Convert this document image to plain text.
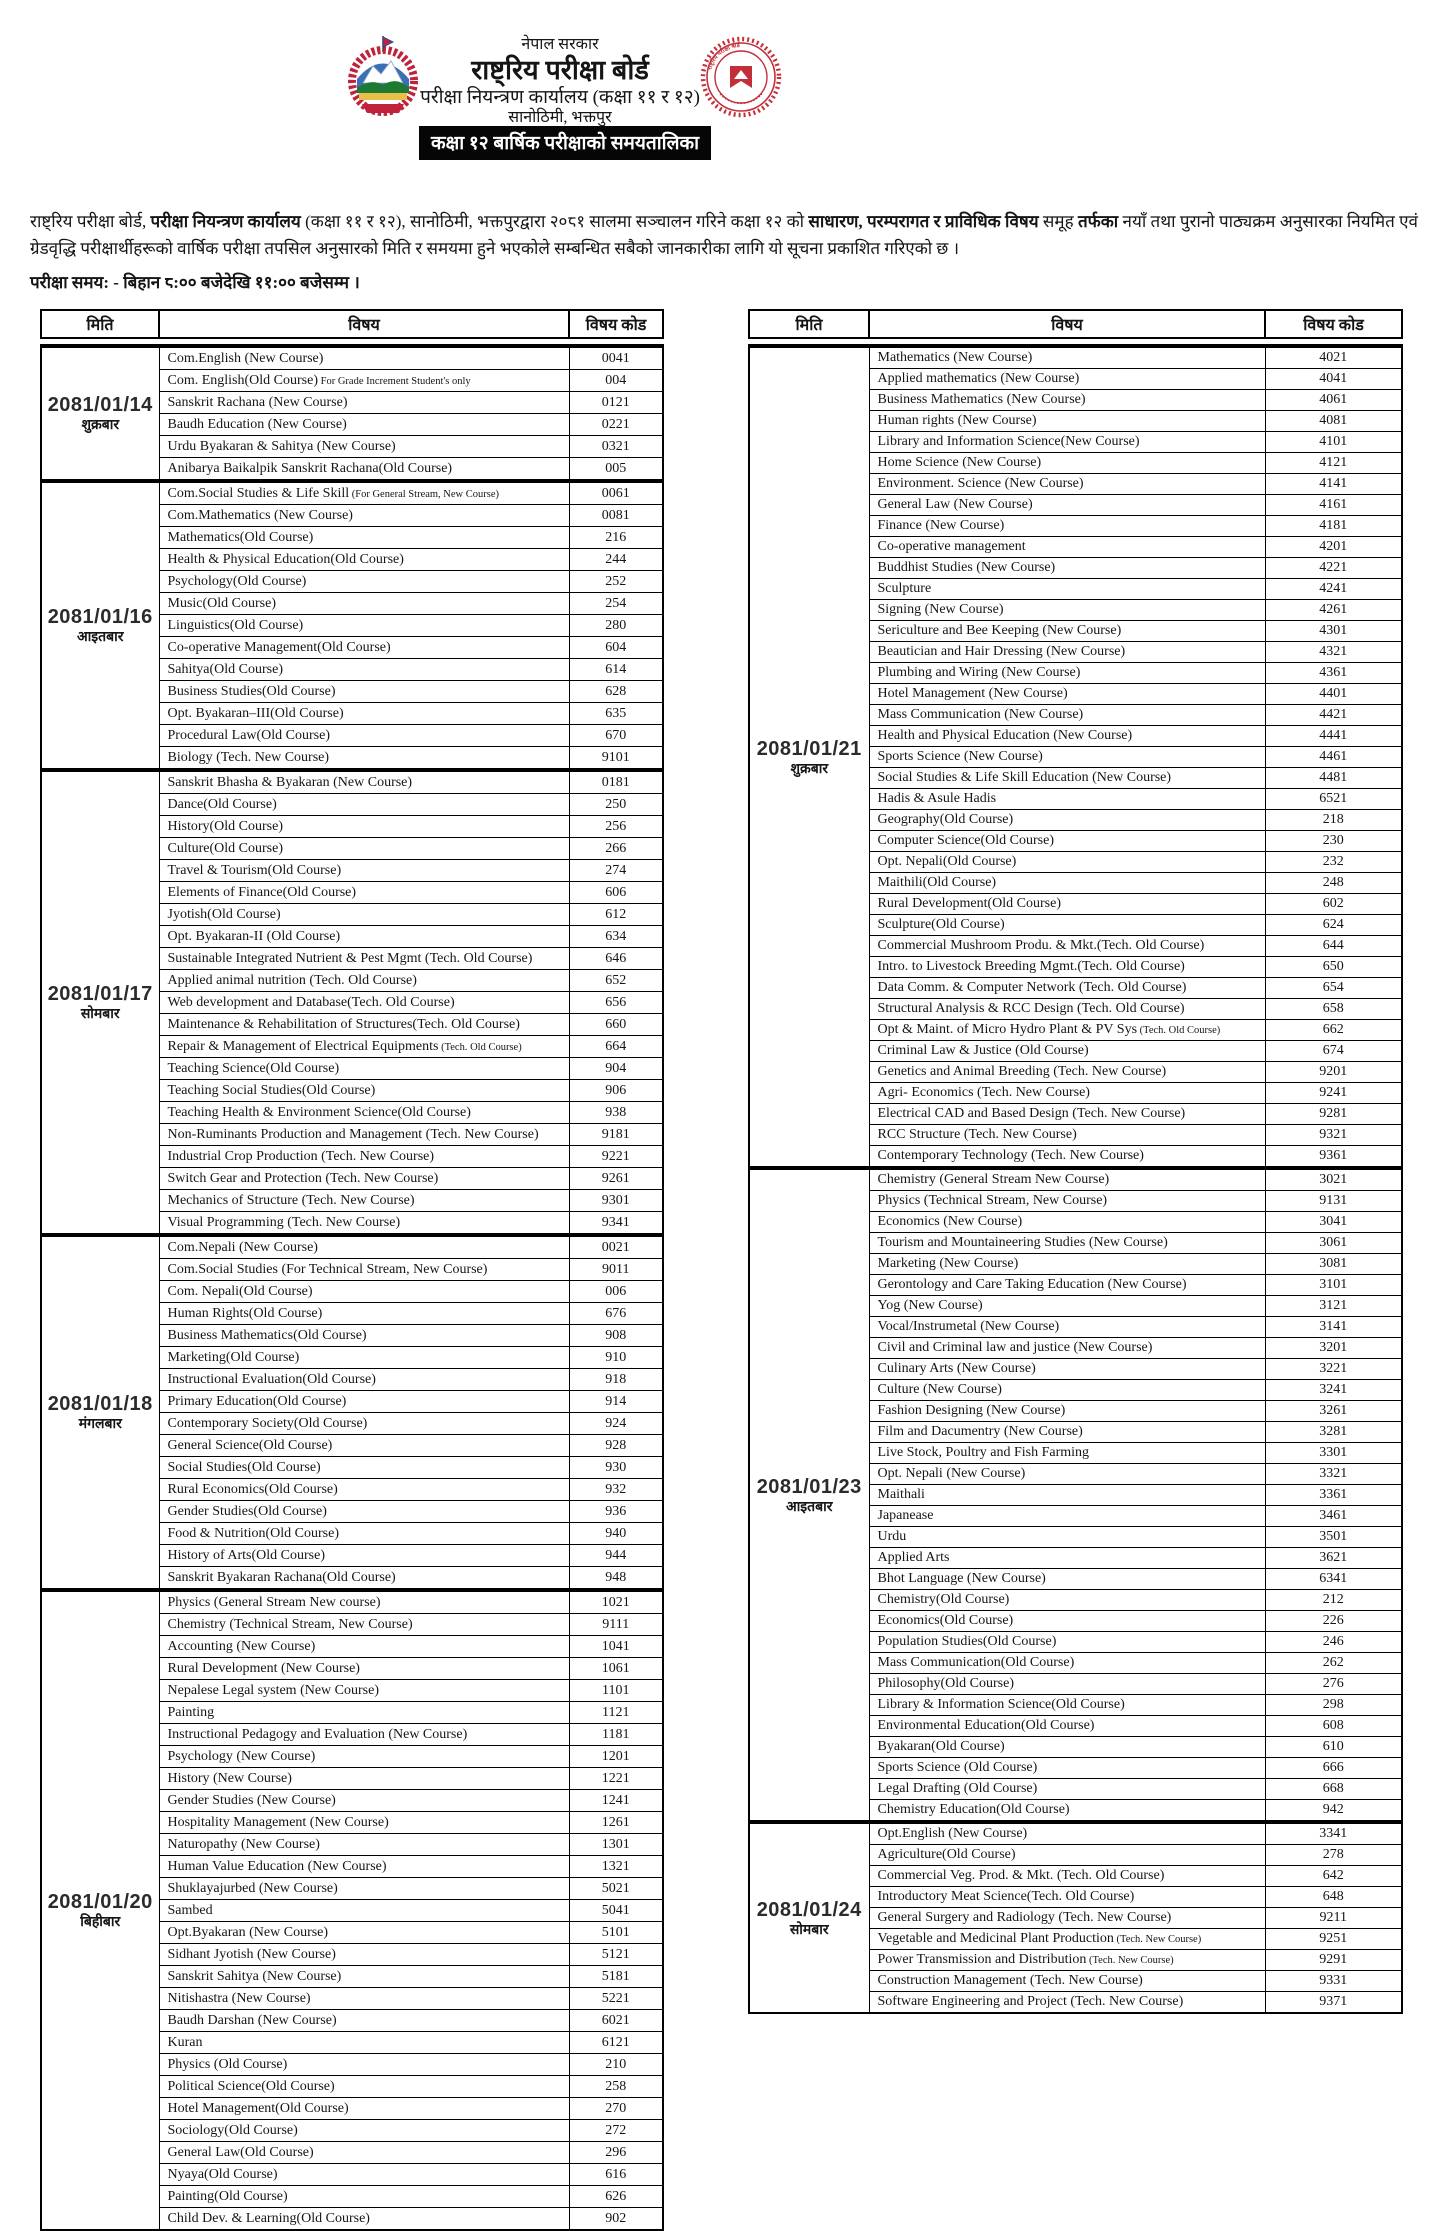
नेपाल सरकार
राष्ट्रिय परीक्षा बोर्ड
परीक्षा नियन्त्रण कार्यालय (कक्षा ११ र १२)
सानोठिमी, भक्तपुर
राष्ट्रिय परीक्षा बोर्ड
कक्षा १२ बार्षिक परीक्षाको समयतालिका

राष्ट्रिय परीक्षा बोर्ड, परीक्षा नियन्त्रण कार्यालय (कक्षा ११ र १२), सानोठिमी, भक्तपुरद्वारा २०८१ सालमा सञ्चालन गरिने कक्षा १२ को साधारण, परम्परागत र प्राविधिक विषय समूह तर्फका नयाँ तथा पुरानो पाठ्यक्रम अनुसारका नियमित एवं ग्रेडवृद्धि परीक्षार्थीहरूको वार्षिक परीक्षा तपसिल अनुसारको मिति र समयमा हुने भएकोले सम्बन्धित सबैको जानकारीका लागि यो सूचना प्रकाशित गरिएको छ ।

परीक्षा समय: - बिहान ८:०० बजेदेखि ११:०० बजेसम्म ।
मिति	विषय	विषय कोड
2081/01/14
शुक्रबार	Com.English (New Course)	0041
	Com. English(Old Course) For Grade Increment Student's only	004
	Sanskrit Rachana (New Course)	0121
	Baudh Education (New Course)	0221
	Urdu Byakaran & Sahitya (New Course)	0321
	Anibarya Baikalpik Sanskrit Rachana(Old Course)	005

2081/01/16
आइतबार	Com.Social Studies & Life Skill (For General Stream, New Course)	0061
	Com.Mathematics (New Course)	0081
	Mathematics(Old Course)	216
	Health & Physical Education(Old Course)	244
	Psychology(Old Course)	252
	Music(Old Course)	254
	Linguistics(Old Course)	280
	Co-operative Management(Old Course)	604
	Sahitya(Old Course)	614
	Business Studies(Old Course)	628
	Opt. Byakaran–III(Old Course)	635
	Procedural Law(Old Course)	670
	Biology (Tech. New Course)	9101

2081/01/17
सोमबार	Sanskrit Bhasha & Byakaran (New Course)	0181
	Dance(Old Course)	250
	History(Old Course)	256
	Culture(Old Course)	266
	Travel & Tourism(Old Course)	274
	Elements of Finance(Old Course)	606
	Jyotish(Old Course)	612
	Opt. Byakaran-II (Old Course)	634
	Sustainable Integrated Nutrient & Pest Mgmt (Tech. Old Course)	646
	Applied animal nutrition (Tech. Old Course)	652
	Web development and Database(Tech. Old Course)	656
	Maintenance & Rehabilitation of Structures(Tech. Old Course)	660
	Repair & Management of Electrical Equipments (Tech. Old Course)	664
	Teaching Science(Old Course)	904
	Teaching Social Studies(Old Course)	906
	Teaching Health & Environment Science(Old Course)	938
	Non-Ruminants Production and Management (Tech. New Course)	9181
	Industrial Crop Production (Tech. New Course)	9221
	Switch Gear and Protection (Tech. New Course)	9261
	Mechanics of Structure (Tech. New Course)	9301
	Visual Programming (Tech. New Course)	9341

2081/01/18
मंगलबार	Com.Nepali (New Course)	0021
	Com.Social Studies (For Technical Stream, New Course)	9011
	Com. Nepali(Old Course)	006
	Human Rights(Old Course)	676
	Business Mathematics(Old Course)	908
	Marketing(Old Course)	910
	Instructional Evaluation(Old Course)	918
	Primary Education(Old Course)	914
	Contemporary Society(Old Course)	924
	General Science(Old Course)	928
	Social Studies(Old Course)	930
	Rural Economics(Old Course)	932
	Gender Studies(Old Course)	936
	Food & Nutrition(Old Course)	940
	History of Arts(Old Course)	944
	Sanskrit Byakaran Rachana(Old Course)	948

2081/01/20
बिहीबार	Physics (General Stream New course)	1021
	Chemistry (Technical Stream, New Course)	9111
	Accounting (New Course)	1041
	Rural Development (New Course)	1061
	Nepalese Legal system (New Course)	1101
	Painting	1121
	Instructional Pedagogy and Evaluation (New Course)	1181
	Psychology (New Course)	1201
	History (New Course)	1221
	Gender Studies (New Course)	1241
	Hospitality Management (New Course)	1261
	Naturopathy (New Course)	1301
	Human Value Education (New Course)	1321
	Shuklayajurbed (New Course)	5021
	Sambed	5041
	Opt.Byakaran (New Course)	5101
	Sidhant Jyotish (New Course)	5121
	Sanskrit Sahitya (New Course)	5181
	Nitishastra (New Course)	5221
	Baudh Darshan (New Course)	6021
	Kuran	6121
	Physics (Old Course)	210
	Political Science(Old Course)	258
	Hotel Management(Old Course)	270
	Sociology(Old Course)	272
	General Law(Old Course)	296
	Nyaya(Old Course)	616
	Painting(Old Course)	626
	Child Dev. & Learning(Old Course)	902
मिति	विषय	विषय कोड
2081/01/21
शुक्रबार	Mathematics (New Course)	4021
	Applied mathematics (New Course)	4041
	Business Mathematics (New Course)	4061
	Human rights (New Course)	4081
	Library and Information Science(New Course)	4101
	Home Science (New Course)	4121
	Environment. Science (New Course)	4141
	General Law (New Course)	4161
	Finance (New Course)	4181
	Co-operative management	4201
	Buddhist Studies (New Course)	4221
	Sculpture	4241
	Signing (New Course)	4261
	Sericulture and Bee Keeping (New Course)	4301
	Beautician and Hair Dressing (New Course)	4321
	Plumbing and Wiring (New Course)	4361
	Hotel Management (New Course)	4401
	Mass Communication (New Course)	4421
	Health and Physical Education (New Course)	4441
	Sports Science (New Course)	4461
	Social Studies & Life Skill Education (New Course)	4481
	Hadis & Asule Hadis	6521
	Geography(Old Course)	218
	Computer Science(Old Course)	230
	Opt. Nepali(Old Course)	232
	Maithili(Old Course)	248
	Rural Development(Old Course)	602
	Sculpture(Old Course)	624
	Commercial Mushroom Produ. & Mkt.(Tech. Old Course)	644
	Intro. to Livestock Breeding Mgmt.(Tech. Old Course)	650
	Data Comm. & Computer Network (Tech. Old Course)	654
	Structural Analysis & RCC Design (Tech. Old Course)	658
	Opt & Maint. of Micro Hydro Plant & PV Sys (Tech. Old Course)	662
	Criminal Law & Justice (Old Course)	674
	Genetics and Animal Breeding (Tech. New Course)	9201
	Agri- Economics (Tech. New Course)	9241
	Electrical CAD and Based Design (Tech. New Course)	9281
	RCC Structure (Tech. New Course)	9321
	Contemporary Technology (Tech. New Course)	9361

2081/01/23
आइतबार	Chemistry (General Stream New Course)	3021
	Physics (Technical Stream, New Course)	9131
	Economics (New Course)	3041
	Tourism and Mountaineering Studies (New Course)	3061
	Marketing (New Course)	3081
	Gerontology and Care Taking Education (New Course)	3101
	Yog (New Course)	3121
	Vocal/Instrumetal (New Course)	3141
	Civil and Criminal law and justice (New Course)	3201
	Culinary Arts (New Course)	3221
	Culture (New Course)	3241
	Fashion Designing (New Course)	3261
	Film and Dacumentry (New Course)	3281
	Live Stock, Poultry and Fish Farming	3301
	Opt. Nepali (New Course)	3321
	Maithali	3361
	Japanease	3461
	Urdu	3501
	Applied Arts	3621
	Bhot Language (New Course)	6341
	Chemistry(Old Course)	212
	Economics(Old Course)	226
	Population Studies(Old Course)	246
	Mass Communication(Old Course)	262
	Philosophy(Old Course)	276
	Library & Information Science(Old Course)	298
	Environmental Education(Old Course)	608
	Byakaran(Old Course)	610
	Sports Science (Old Course)	666
	Legal Drafting (Old Course)	668
	Chemistry Education(Old Course)	942

2081/01/24
सोमबार	Opt.English (New Course)	3341
	Agriculture(Old Course)	278
	Commercial Veg. Prod. & Mkt. (Tech. Old Course)	642
	Introductory Meat Science(Tech. Old Course)	648
	General Surgery and Radiology (Tech. New Course)	9211
	Vegetable and Medicinal Plant Production (Tech. New Course)	9251
	Power Transmission and Distribution (Tech. New Course)	9291
	Construction Management (Tech. New Course)	9331
	Software Engineering and Project (Tech. New Course)	9371
